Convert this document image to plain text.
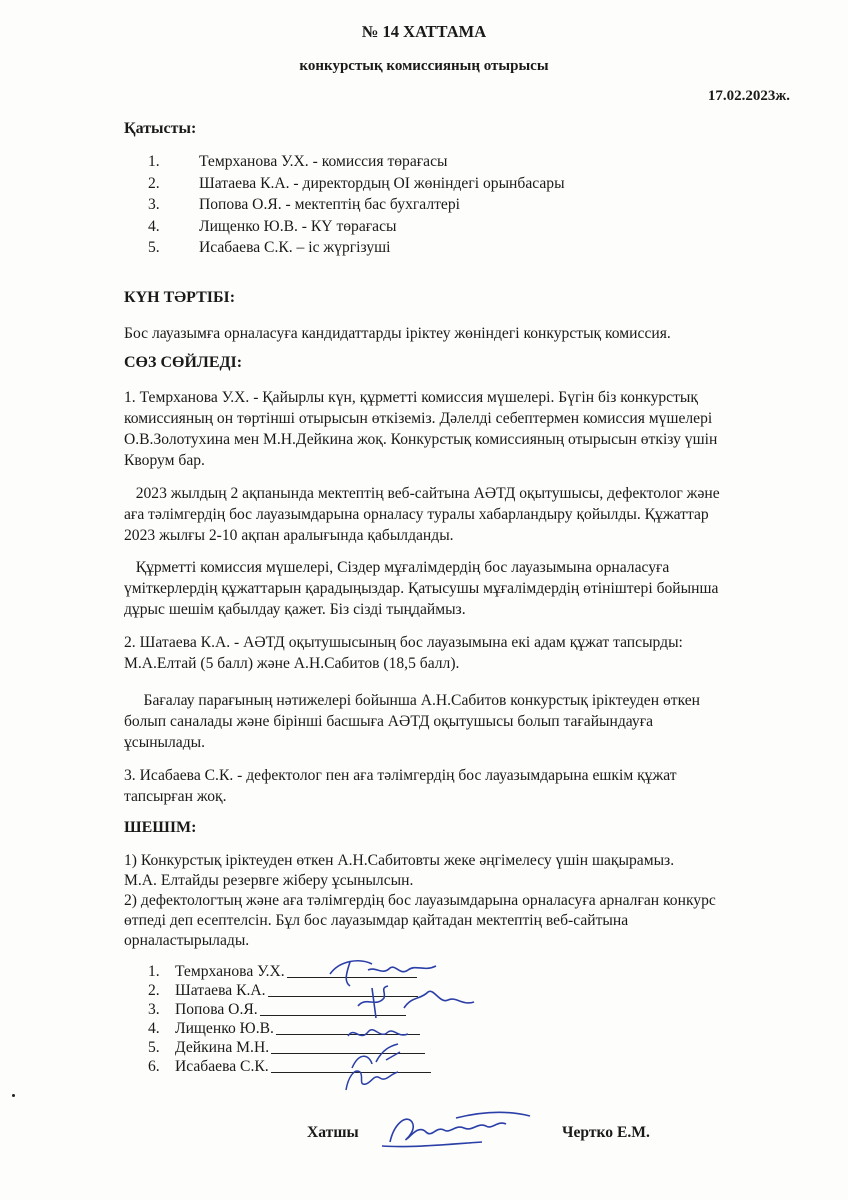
№ 14 ХАТТАМА
конкурстық комиссияның отырысы
17.02.2023ж.
Қатысты:
1.	Темрханова У.Х. - комиссия төрағасы
2.	Шатаева К.А. - директордың ОІ жөніндегі орынбасары
3.	Попова О.Я. - мектептің бас бухгалтері
4.	Лищенко Ю.В. - КҮ төрағасы
5.	Исабаева С.К. – іс жүргізуші
КҮН ТӘРТІБІ:
Бос лауазымға орналасуға кандидаттарды іріктеу жөніндегі конкурстық комиссия.
СӨЗ СӨЙЛЕДІ:
1. Темрханова У.Х. - Қайырлы күн, құрметті комиссия мүшелері. Бүгін біз конкурстық
комиссияның он төртінші отырысын өткіземіз. Дәлелді себептермен комиссия мүшелері
О.В.Золотухина мен М.Н.Дейкина жоқ. Конкурстық комиссияның отырысын өткізу үшін
Кворум бар.
2023 жылдың 2 ақпанында мектептің веб-сайтына АӘТД оқытушысы, дефектолог және
аға тәлімгердің бос лауазымдарына орналасу туралы хабарландыру қойылды. Құжаттар
2023 жылғы 2-10 ақпан аралығында қабылданды.
Құрметті комиссия мүшелері, Сіздер мұғалімдердің бос лауазымына орналасуға
үміткерлердің құжаттарын қарадыңыздар. Қатысушы мұғалімдердің өтініштері бойынша
дұрыс шешім қабылдау қажет. Біз сізді тыңдаймыз.
2. Шатаева К.А. - АӘТД оқытушысының бос лауазымына екі адам құжат тапсырды:
М.А.Елтай (5 балл) және А.Н.Сабитов (18,5 балл).
Бағалау парағының нәтижелері бойынша А.Н.Сабитов конкурстық іріктеуден өткен
болып саналады және бірінші басшыға АӘТД оқытушысы болып тағайындауға
ұсынылады.
3. Исабаева С.К. - дефектолог пен аға тәлімгердің бос лауазымдарына ешкім құжат
тапсырған жоқ.
ШЕШІМ:
1) Конкурстық іріктеуден өткен А.Н.Сабитовты жеке әңгімелесу үшін шақырамыз.
М.А. Елтайды резервге жіберу ұсынылсын.
2) дефектологтың және аға тәлімгердің бос лауазымдарына орналасуға арналған конкурс
өтпеді деп есептелсін. Бұл бос лауазымдар қайтадан мектептің веб-сайтына
орналастырылады.
1. Темрханова У.Х.
2. Шатаева К.А.
3. Попова О.Я.
4. Лищенко Ю.В.
5. Дейкина М.Н.
6. Исабаева С.К.
Хатшы	Чертко Е.М.
